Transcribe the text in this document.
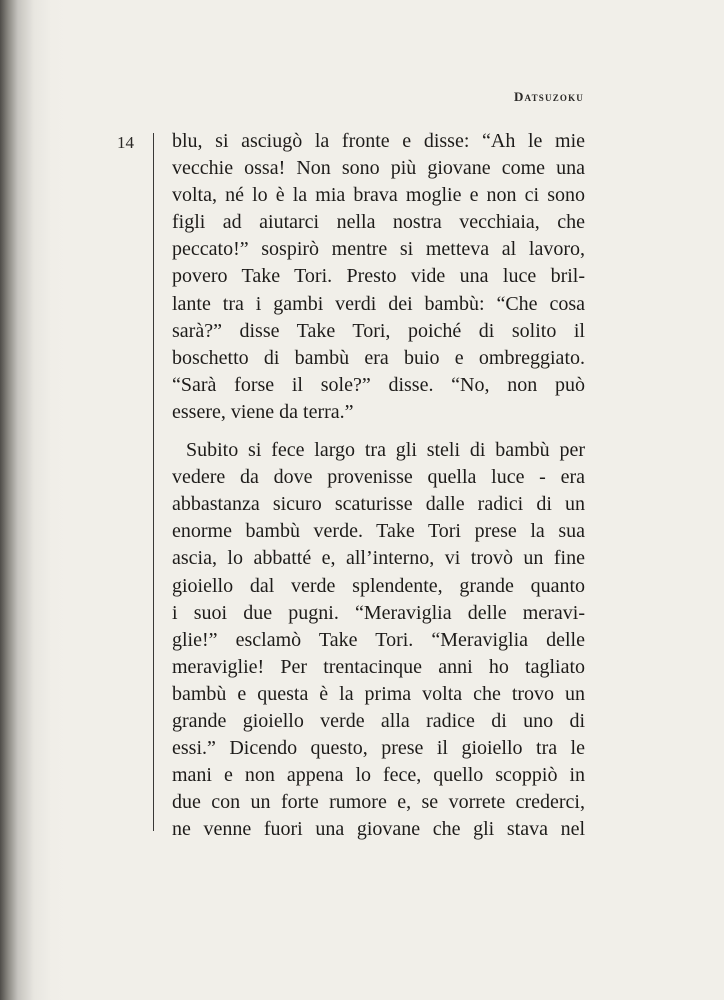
Datsuzoku
14 blu, si asciugò la fronte e disse: “Ah le mie
vecchie ossa! Non sono più giovane come una
volta, né lo è la mia brava moglie e non ci sono
figli ad aiutarci nella nostra vecchiaia, che
peccato!” sospirò mentre si metteva al lavoro,
povero Take Tori. Presto vide una luce bril-
lante tra i gambi verdi dei bambù: “Che cosa
sarà?” disse Take Tori, poiché di solito il
boschetto di bambù era buio e ombreggiato.
“Sarà forse il sole?” disse. “No, non può
essere, viene da terra.”
Subito si fece largo tra gli steli di bambù per
vedere da dove provenisse quella luce - era
abbastanza sicuro scaturisse dalle radici di un
enorme bambù verde. Take Tori prese la sua
ascia, lo abbatté e, all’interno, vi trovò un fine
gioiello dal verde splendente, grande quanto
i suoi due pugni. “Meraviglia delle meravi-
glie!” esclamò Take Tori. “Meraviglia delle
meraviglie! Per trentacinque anni ho tagliato
bambù e questa è la prima volta che trovo un
grande gioiello verde alla radice di uno di
essi.” Dicendo questo, prese il gioiello tra le
mani e non appena lo fece, quello scoppiò in
due con un forte rumore e, se vorrete crederci,
ne venne fuori una giovane che gli stava nel
